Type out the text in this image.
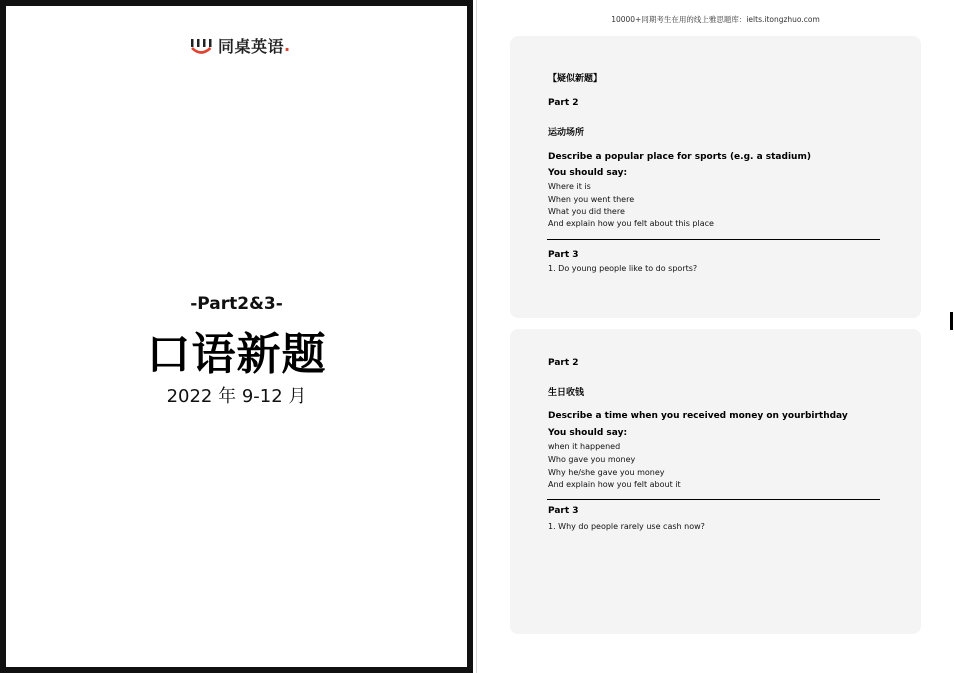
同桌英语 .
-Part2&3-
口语新题
2022 年 9-12 月
10000+同期考生在用的线上雅思题库：ielts.itongzhuo.com
【疑似新题】
Part 2
运动场所
Describe a popular place for sports (e.g. a stadium)
You should say:
Where it is
When you went there
What you did there
And explain how you felt about this place
Part 3
1. Do young people like to do sports?
Part 2
生日收钱
Describe a time when you received money on yourbirthday
You should say:
when it happened
Who gave you money
Why he/she gave you money
And explain how you felt about it
Part 3
1. Why do people rarely use cash now?
